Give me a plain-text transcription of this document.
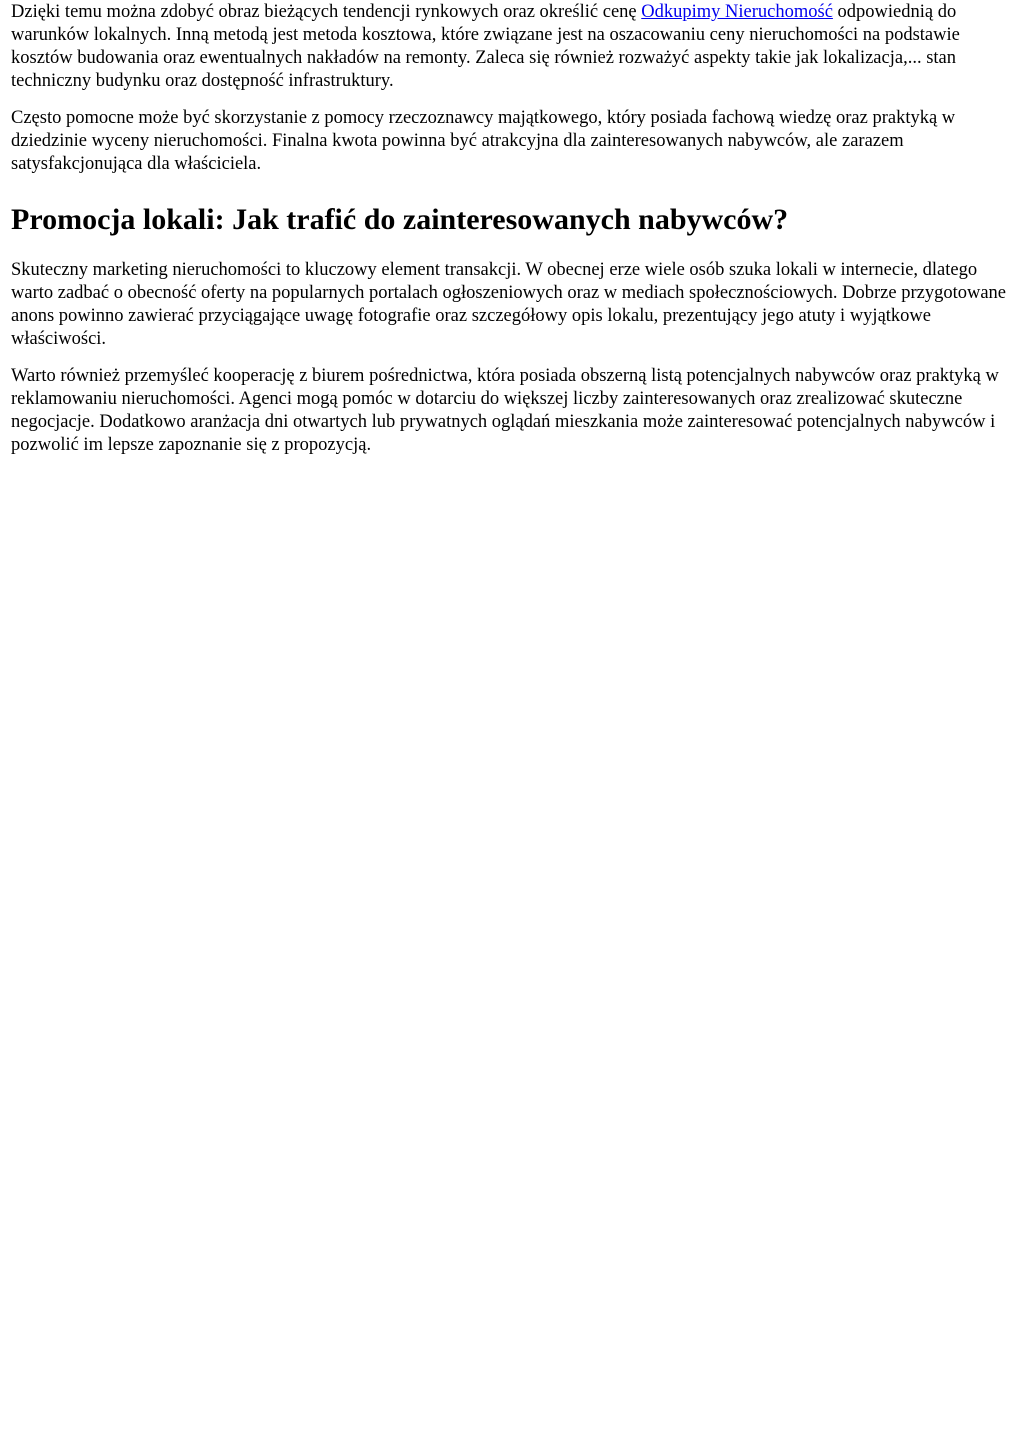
Dzięki temu można zdobyć obraz bieżących tendencji rynkowych oraz określić cenę Odkupimy Nieruchomość odpowiednią do warunków lokalnych. Inną metodą jest metoda kosztowa, które związane jest na oszacowaniu ceny nieruchomości na podstawie kosztów budowania oraz ewentualnych nakładów na remonty. Zaleca się również rozważyć aspekty takie jak lokalizacja,... stan techniczny budynku oraz dostępność infrastruktury.

Często pomocne może być skorzystanie z pomocy rzeczoznawcy majątkowego, który posiada fachową wiedzę oraz praktyką w dziedzinie wyceny nieruchomości. Finalna kwota powinna być atrakcyjna dla zainteresowanych nabywców, ale zarazem satysfakcjonująca dla właściciela.

Promocja lokali: Jak trafić do zainteresowanych nabywców?

Skuteczny marketing nieruchomości to kluczowy element transakcji. W obecnej erze wiele osób szuka lokali w internecie, dlatego warto zadbać o obecność oferty na popularnych portalach ogłoszeniowych oraz w mediach społecznościowych. Dobrze przygotowane anons powinno zawierać przyciągające uwagę fotografie oraz szczegółowy opis lokalu, prezentujący jego atuty i wyjątkowe właściwości.

Warto również przemyśleć kooperację z biurem pośrednictwa, która posiada obszerną listą potencjalnych nabywców oraz praktyką w reklamowaniu nieruchomości. Agenci mogą pomóc w dotarciu do większej liczby zainteresowanych oraz zrealizować skuteczne negocjacje. Dodatkowo aranżacja dni otwartych lub prywatnych oglądań mieszkania może zainteresować potencjalnych nabywców i pozwolić im lepsze zapoznanie się z propozycją.
